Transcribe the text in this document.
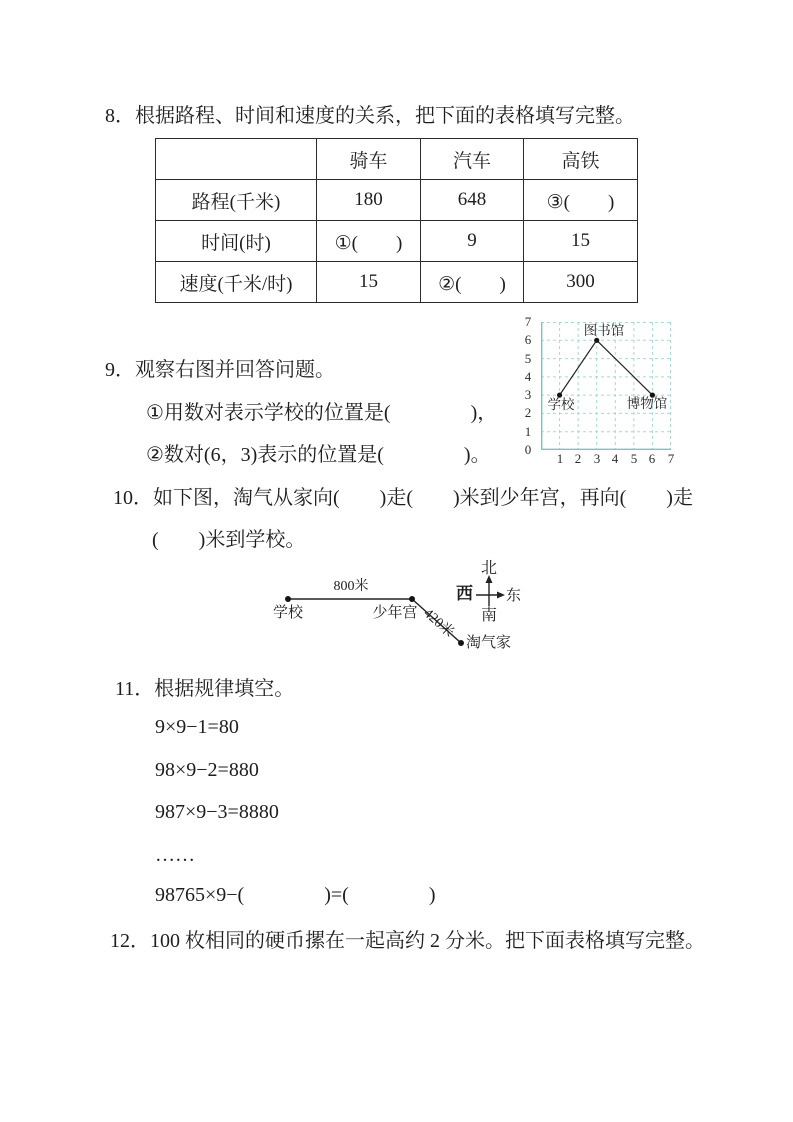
8．根据路程、时间和速度的关系，把下面的表格填写完整。
	骑车	汽车	高铁
路程(千米)	180	648	③(　　)
时间(时)	①(　　)	9	15
速度(千米/时)	15	②(　　)	300
7
6
5
4
3
2
1
0
1 2 3 4 5 6 7
图书馆
学校	博物馆
9．观察右图并回答问题。
①用数对表示学校的位置是(　　　　)，
②数对(6，3)表示的位置是(　　　　)。
10．如下图，淘气从家向(　　)走(　　)米到少年宫，再向(　　)走
(　　)米到学校。
800米
学校	少年宫 420米
淘气家
北
南
西 东
11．根据规律填空。
9×9−1=80
98×9−2=880
987×9−3=8880
……
98765×9−(　　　　)=(　　　　)
12．100 枚相同的硬币摞在一起高约 2 分米。把下面表格填写完整。
